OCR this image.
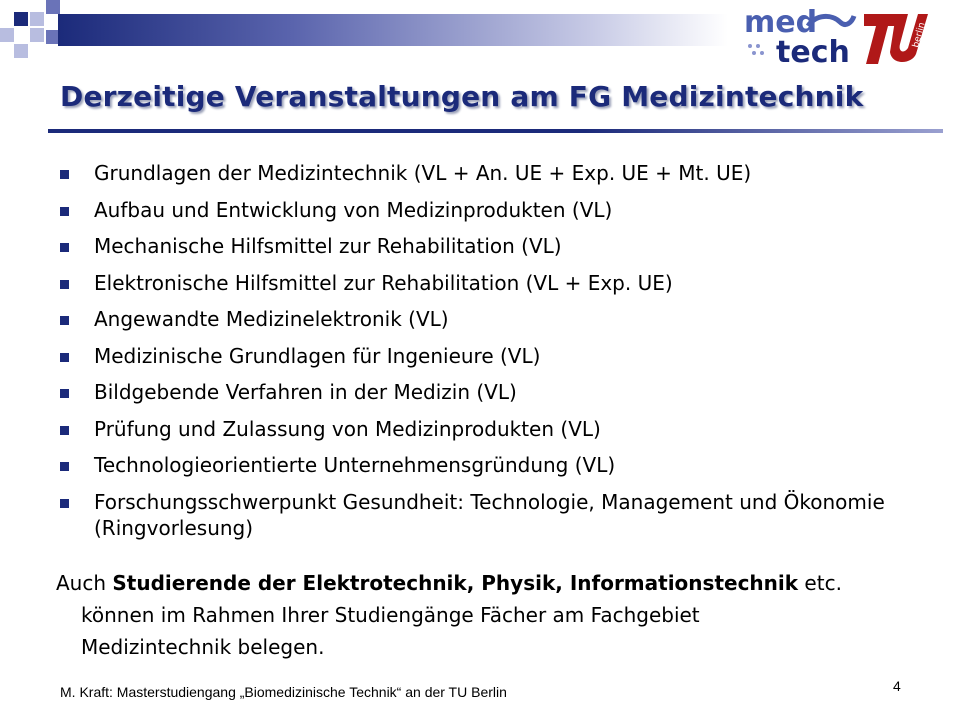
med
tech	berlin
Derzeitige Veranstaltungen am FG Medizintechnik
Grundlagen der Medizintechnik (VL + An. UE + Exp. UE + Mt. UE)
Aufbau und Entwicklung von Medizinprodukten (VL)
Mechanische Hilfsmittel zur Rehabilitation (VL)
Elektronische Hilfsmittel zur Rehabilitation (VL + Exp. UE)
Angewandte Medizinelektronik (VL)
Medizinische Grundlagen für Ingenieure (VL)
Bildgebende Verfahren in der Medizin (VL)
Prüfung und Zulassung von Medizinprodukten (VL)
Technologieorientierte Unternehmensgründung (VL)
Forschungsschwerpunkt Gesundheit: Technologie, Management und Ökonomie (Ringvorlesung)
Auch Studierende der Elektrotechnik, Physik, Informationstechnik etc.
können im Rahmen Ihrer Studiengänge Fächer am Fachgebiet
Medizintechnik belegen.
M. Kraft: Masterstudiengang „Biomedizinische Technik“ an der TU Berlin	4
